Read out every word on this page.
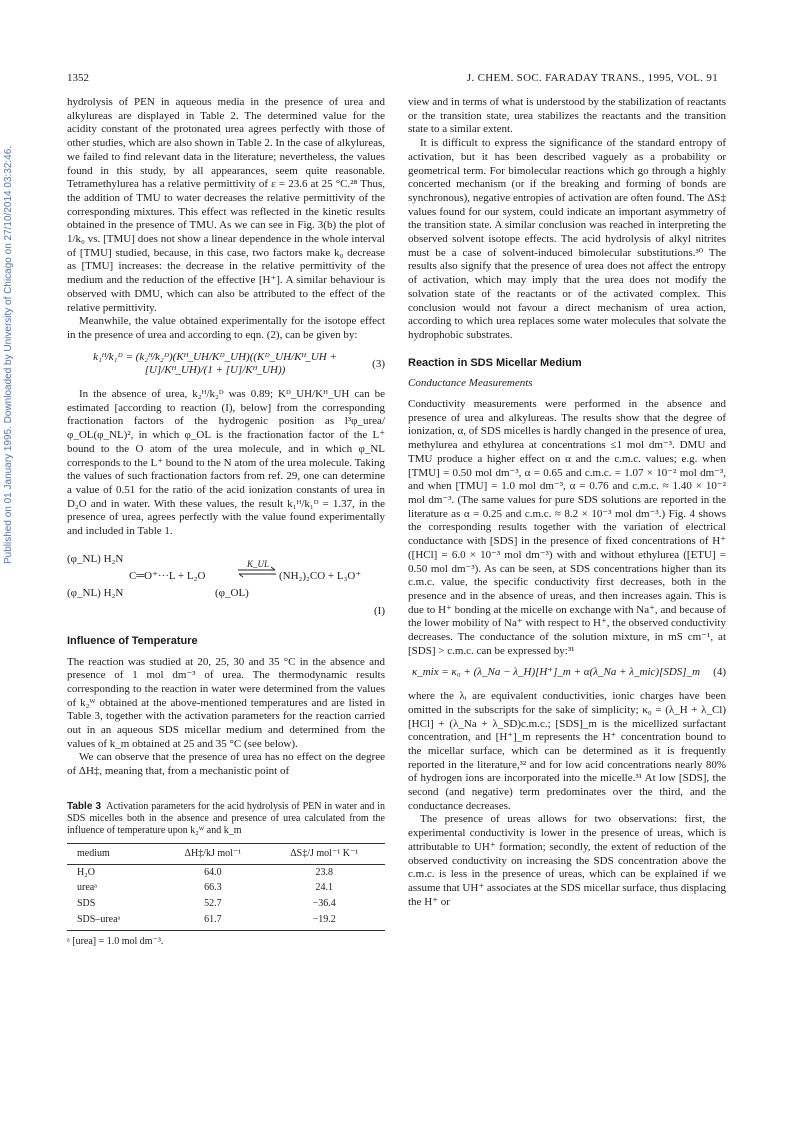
1352	J. CHEM. SOC. FARADAY TRANS., 1995, VOL. 91
Published on 01 January 1995. Downloaded by University of Chicago on 27/10/2014 03:32:46.

hydrolysis of PEN in aqueous media in the presence of urea and alkylureas are displayed in Table 2. The determined value for the acidity constant of the protonated urea agrees perfectly with those of other studies, which are also shown in Table 2. In the case of alkylureas, we failed to find relevant data in the literature; nevertheless, the values found in this study, by all appearances, seem quite reasonable. Tetramethylurea has a relative permittivity of ε = 23.6 at 25 °C.²⁸ Thus, the addition of TMU to water decreases the relative permittivity of the corresponding mixtures. This effect was reflected in the kinetic results obtained in the presence of TMU. As we can see in Fig. 3(b) the plot of 1/k₀ vs. [TMU] does not show a linear dependence in the whole interval of [TMU] studied, because, in this case, two factors make k₀ decrease as [TMU] increases: the decrease in the relative permittivity of the medium and the reduction of the effective [H⁺]. A similar behaviour is observed with DMU, which can also be attributed to the effect of the relative permittivity.

Meanwhile, the value obtained experimentally for the isotope effect in the presence of urea and according to eqn. (2), can be given by:

k₁ᴴ/k₁ᴰ = (k₂ᴴ/k₂ᴰ)(Kᴴ_UH/Kᴰ_UH)((Kᴰ_UH/Kᴴ_UH + [U]/Kᴴ_UH)/(1 + [U]/Kᴴ_UH))
(3)

In the absence of urea, k₂ᴴ/k₂ᴰ was 0.89; Kᴰ_UH/Kᴴ_UH can be estimated [according to reaction (I), below] from the corresponding fractionation factors of the hydrogenic position as l³φ_urea/φ_OL(φ_NL)², in which φ_OL is the fractionation factor of the L⁺ bound to the O atom of the urea molecule, and in which φ_NL corresponds to the L⁺ bound to the N atom of the urea molecule. Taking the values of such fractionation factors from ref. 29, one can determine a value of 0.51 for the ratio of the acid ionization constants of urea in D₂O and in water. With these values, the result k₁ᴴ/k₁ᴰ = 1.37, in the presence of urea, agrees perfectly with the value found experimentally and included in Table 1.

(φ_NL) H₂N
C═O⁺···L + L₂O
(φ_NL) H₂N	(φ_OL)
K_UL
⇌ (NH₂)₂CO + L₃O⁺
(I)
Influence of Temperature

The reaction was studied at 20, 25, 30 and 35 °C in the absence and presence of 1 mol dm⁻³ of urea. The thermodynamic results corresponding to the reaction in water were determined from the values of k₂ᵂ obtained at the above-mentioned temperatures and are listed in Table 3, together with the activation parameters for the reaction carried out in an aqueous SDS micellar medium and determined from the values of k_m obtained at 25 and 35 °C (see below).

We can observe that the presence of urea has no effect on the degree of ΔH‡, meaning that, from a mechanistic point of

Table 3 Activation parameters for the acid hydrolysis of PEN in water and in SDS micelles both in the absence and presence of urea calculated from the influence of temperature upon k₂ᵂ and k_m
medium	ΔH‡/kJ mol⁻¹	ΔS‡/J mol⁻¹ K⁻¹
H₂O	64.0	23.8
ureaᵃ	66.3	24.1
SDS	52.7	−36.4
SDS–ureaᵃ	61.7	−19.2
ᵃ [urea] = 1.0 mol dm⁻³.

view and in terms of what is understood by the stabilization of reactants or the transition state, urea stabilizes the reactants and the transition state to a similar extent.

It is difficult to express the significance of the standard entropy of activation, but it has been described vaguely as a probability or geometrical term. For bimolecular reactions which go through a highly concerted mechanism (or if the breaking and forming of bonds are synchronous), negative entropies of activation are often found. The ΔS‡ values found for our system, could indicate an important asymmetry of the transition state. A similar conclusion was reached in interpreting the observed solvent isotope effects. The acid hydrolysis of alkyl nitrites must be a case of solvent-induced bimolecular substitutions.³⁰ The results also signify that the presence of urea does not affect the entropy of activation, which may imply that the urea does not modify the solvation state of the reactants or of the activated complex. This conclusion would not favour a direct mechanism of urea action, according to which urea replaces some water molecules that solvate the hydrophobic substrates.

Reaction in SDS Micellar Medium
Conductance Measurements

Conductivity measurements were performed in the absence and presence of urea and alkylureas. The results show that the degree of ionization, α, of SDS micelles is hardly changed in the presence of urea, methylurea and ethylurea at concentrations ≤1 mol dm⁻³. DMU and TMU produce a higher effect on α and the c.m.c. values; e.g. when [TMU] = 0.50 mol dm⁻³, α = 0.65 and c.m.c. = 1.07 × 10⁻² mol dm⁻³, and when [TMU] = 1.0 mol dm⁻³, α = 0.76 and c.m.c. ≈ 1.40 × 10⁻² mol dm⁻³. (The same values for pure SDS solutions are reported in the literature as α = 0.25 and c.m.c. ≈ 8.2 × 10⁻³ mol dm⁻³.) Fig. 4 shows the corresponding results together with the variation of electrical conductance with [SDS] in the presence of fixed concentrations of H⁺ ([HCl] = 6.0 × 10⁻³ mol dm⁻³) with and without ethylurea ([ETU] = 0.50 mol dm⁻³). As can be seen, at SDS concentrations higher than its c.m.c. value, the specific conductivity first decreases, both in the presence and in the absence of ureas, and then increases again. This is due to H⁺ bonding at the micelle on exchange with Na⁺, and because of the lower mobility of Na⁺ with respect to H⁺, the observed conductivity decreases. The conductance of the solution mixture, in mS cm⁻¹, at [SDS] > c.m.c. can be expressed by:³¹

κ_mix = κ₀ + (λ_Na − λ_H)[H⁺]_m + α(λ_Na + λ_mic)[SDS]_m	(4)

where the λᵢ are equivalent conductivities, ionic charges have been omitted in the subscripts for the sake of simplicity; κ₀ = (λ_H + λ_Cl)[HCl] + (λ_Na + λ_SD)c.m.c.; [SDS]_m is the micellized surfactant concentration, and [H⁺]_m represents the H⁺ concentration bound to the micellar surface, which can be determined as it is frequently reported in the literature,³² and for low acid concentrations nearly 80% of hydrogen ions are incorporated into the micelle.³¹ At low [SDS], the second (and negative) term predominates over the third, and the conductance decreases.

The presence of ureas allows for two observations: first, the experimental conductivity is lower in the presence of ureas, which is attributable to UH⁺ formation; secondly, the extent of reduction of the observed conductivity on increasing the SDS concentration above the c.m.c. is less in the presence of ureas, which can be explained if we assume that UH⁺ associates at the SDS micellar surface, thus displacing the H⁺ or
